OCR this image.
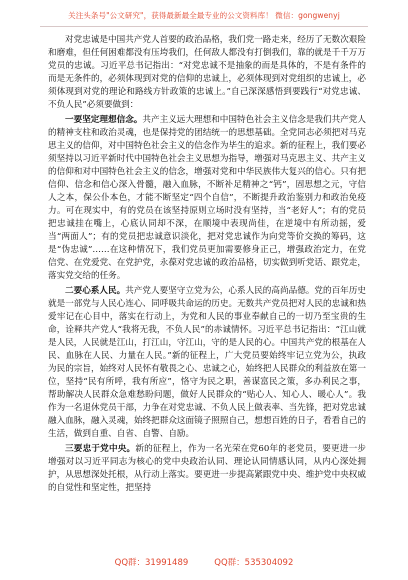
关注头条号"公文研究"，获得最新最全最专业的公文资料库！ 微信：gongwenyj

对党忠诚是中国共产党人首要的政治品格，我们党一路走来，经历了无数次艰险和磨难，但任何困难都没有压垮我们，任何敌人都没有打倒我们，靠的就是千千万万党员的忠诚。习近平总书记指出：“对党忠诚不是抽象的而是具体的，不是有条件的而是无条件的，必须体现到对党的信仰的忠诚上，必须体现到对党组织的忠诚上，必须体现到对党的理论和路线方针政策的忠诚上。”自己深深感悟到要践行“对党忠诚、不负人民”必须要做到：

一要坚定理想信念。共产主义远大理想和中国特色社会主义信念是我们共产党人的精神支柱和政治灵魂，也是保持党的团结统一的思想基础。全党同志必须把对马克思主义的信仰，对中国特色社会主义的信念作为毕生的追求。新的征程上，我们要必须坚持以习近平新时代中国特色社会主义思想为指导，增强对马克思主义、共产主义的信仰和对中国特色社会主义的信念，增强对党和中华民族伟大复兴的信心。只有把信仰、信念和信心深入骨髓，融入血脉，不断补足精神之“钙”，固思想之元，守信人之本，保公仆本色，才能不断坚定“四个自信”，不断提升政治鉴别力和政治免疫力。可在现实中，有的党员在该坚持原则立场时没有坚持，当“老好人”；有的党员把忠诚挂在嘴上，心底认同却不深，在顺境中表现尚佳，在逆境中有所动摇，爱当“两面人”；有的党员把忠诚意识淡化，把对党忠诚作为向党等价交换的筹码，这是“伪忠诚”……在这种情况下，我们党员更加需要修身正己，增强政治定力，在党信党、在党爱党、在党护党，永葆对党忠诚的政治品格，切实做到听党话、跟党走，落实党交给的任务。

二要心系人民。共产党人要坚守立党为公，心系人民的高尚品德。党的百年历史就是一部党与人民心连心、同呼吸共命运的历史。无数共产党员把对人民的忠诚和热爱牢记在心目中，落实在行动上，为党和人民的事业奉献自己的一切乃至宝贵的生命，诠释共产党人“我将无我，不负人民”的赤诚情怀。习近平总书记指出：“江山就是人民，人民就是江山，打江山，守江山，守的是人民的心。中国共产党的根基在人民、血脉在人民、力量在人民。”新的征程上，广大党员要始终牢记立党为公，执政为民的宗旨，始终对人民怀有敬畏之心、忠诚之心，始终把人民群众的利益放在第一位，坚持“民有所呼，我有所应”，恪守为民之职，善谋富民之策，多办利民之事，帮助解决人民群众急难愁盼问题，做好人民群众的“贴心人、知心人、暖心人”。我作为一名退休党员干部，力争在对党忠诚、不负人民上做表率、当先锋，把对党忠诚融入血脉，融入灵魂，始终把群众这面镜子照照自己，想想百姓的日子，看看自己的生活，做到自重、自省、自警、自励。

三要忠于党中央。新的征程上，作为一名光荣在党60年的老党员，要更进一步增强对以习近平同志为核心的党中央政治认同、理论认同情感认同，从内心深处拥护，从思想深处托根，从行动上落实。要更进一步提高紧跟党中央、维护党中央权威的自觉性和坚定性，把坚持

QQ群：31991489	QQ群：535304092
